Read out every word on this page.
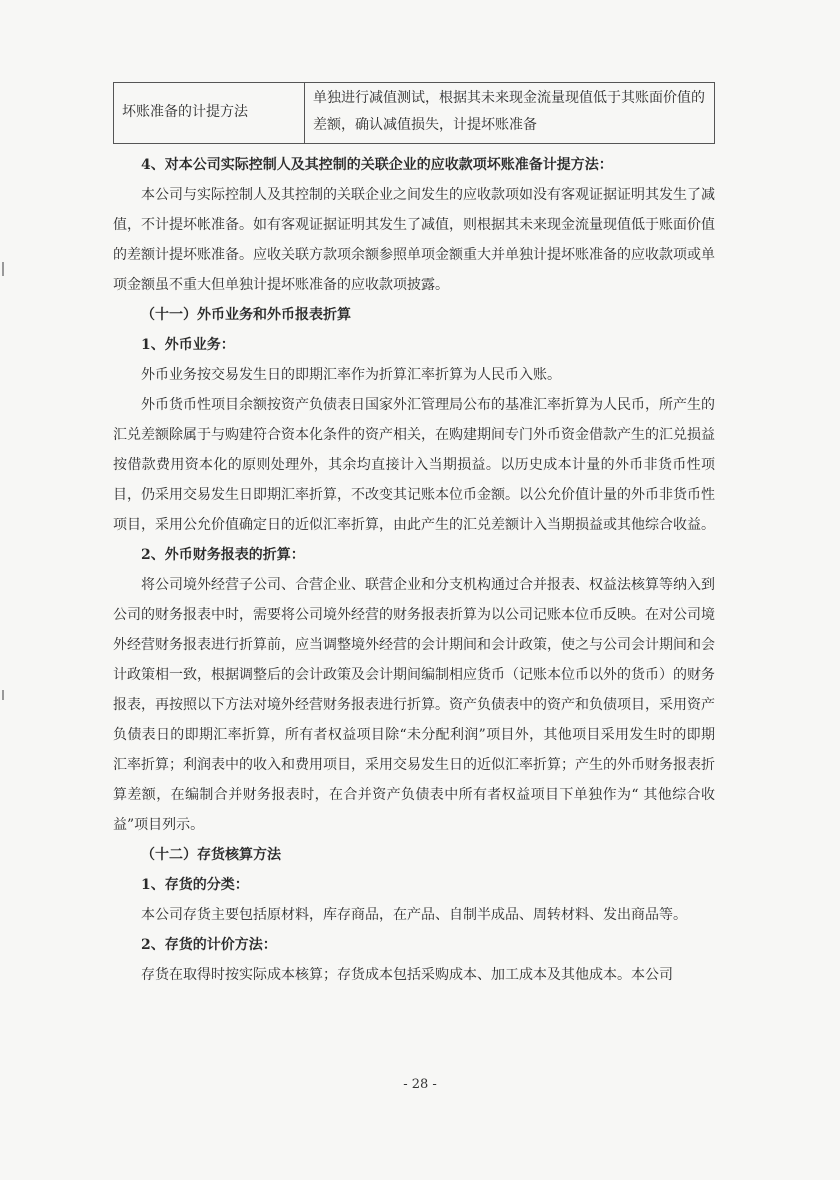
坏账准备的计提方法	单独进行减值测试，根据其未来现金流量现值低于其账面价值的差额，确认减值损失，计提坏账准备
4、对本公司实际控制人及其控制的关联企业的应收款项坏账准备计提方法：
本公司与实际控制人及其控制的关联企业之间发生的应收款项如没有客观证据证明其发生了减值，不计提坏帐准备。如有客观证据证明其发生了减值，则根据其未来现金流量现值低于账面价值的差额计提坏账准备。应收关联方款项余额参照单项金额重大并单独计提坏账准备的应收款项或单项金额虽不重大但单独计提坏账准备的应收款项披露。
（十一）外币业务和外币报表折算
1、外币业务：
外币业务按交易发生日的即期汇率作为折算汇率折算为人民币入账。
外币货币性项目余额按资产负债表日国家外汇管理局公布的基准汇率折算为人民币，所产生的汇兑差额除属于与购建符合资本化条件的资产相关，在购建期间专门外币资金借款产生的汇兑损益按借款费用资本化的原则处理外，其余均直接计入当期损益。以历史成本计量的外币非货币性项目，仍采用交易发生日即期汇率折算，不改变其记账本位币金额。以公允价值计量的外币非货币性项目，采用公允价值确定日的近似汇率折算，由此产生的汇兑差额计入当期损益或其他综合收益。
2、外币财务报表的折算：
将公司境外经营子公司、合营企业、联营企业和分支机构通过合并报表、权益法核算等纳入到公司的财务报表中时，需要将公司境外经营的财务报表折算为以公司记账本位币反映。在对公司境外经营财务报表进行折算前，应当调整境外经营的会计期间和会计政策，使之与公司会计期间和会计政策相一致，根据调整后的会计政策及会计期间编制相应货币（记账本位币以外的货币）的财务报表，再按照以下方法对境外经营财务报表进行折算。资产负债表中的资产和负债项目，采用资产负债表日的即期汇率折算，所有者权益项目除“未分配利润”项目外，其他项目采用发生时的即期汇率折算；利润表中的收入和费用项目，采用交易发生日的近似汇率折算；产生的外币财务报表折算差额，在编制合并财务报表时，在合并资产负债表中所有者权益项目下单独作为“ 其他综合收益”项目列示。
（十二）存货核算方法
1、存货的分类：
本公司存货主要包括原材料，库存商品，在产品、自制半成品、周转材料、发出商品等。
2、存货的计价方法：
存货在取得时按实际成本核算；存货成本包括采购成本、加工成本及其他成本。本公司
- 28 -
